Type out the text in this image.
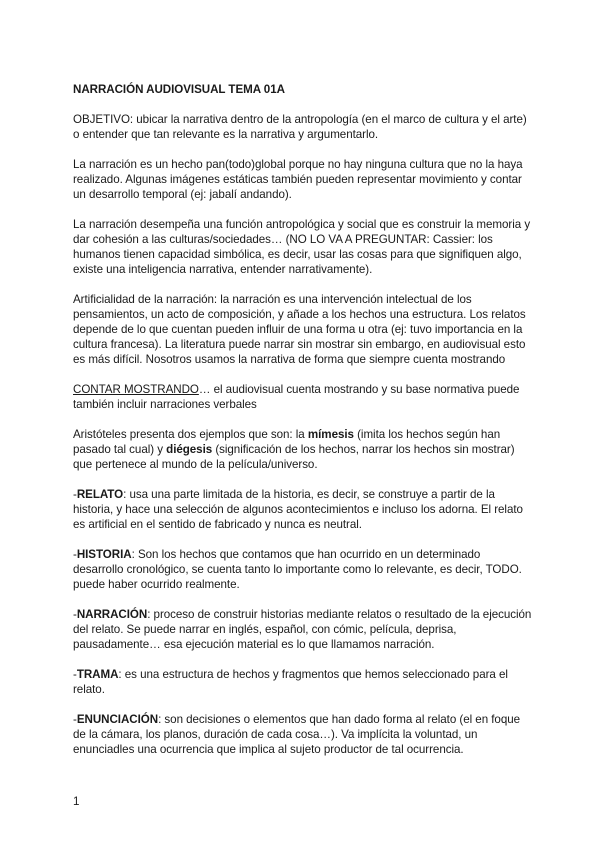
NARRACIÓN AUDIOVISUAL TEMA 01A

OBJETIVO: ubicar la narrativa dentro de la antropología (en el marco de cultura y el arte) o entender que tan relevante es la narrativa y argumentarlo.

La narración es un hecho pan(todo)global porque no hay ninguna cultura que no la haya realizado. Algunas imágenes estáticas también pueden representar movimiento y contar un desarrollo temporal (ej: jabalí andando).

La narración desempeña una función antropológica y social que es construir la memoria y dar cohesión a las culturas/sociedades… (NO LO VA A PREGUNTAR: Cassier: los humanos tienen capacidad simbólica, es decir, usar las cosas para que signifiquen algo, existe una inteligencia narrativa, entender narrativamente).

Artificialidad de la narración: la narración es una intervención intelectual de los pensamientos, un acto de composición, y añade a los hechos una estructura. Los relatos depende de lo que cuentan pueden influir de una forma u otra (ej: tuvo importancia en la cultura francesa). La literatura puede narrar sin mostrar sin embargo, en audiovisual esto es más difícil. Nosotros usamos la narrativa de forma que siempre cuenta mostrando

CONTAR MOSTRANDO… el audiovisual cuenta mostrando y su base normativa puede también incluir narraciones verbales

Aristóteles presenta dos ejemplos que son: la mímesis (imita los hechos según han pasado tal cual) y diégesis (significación de los hechos, narrar los hechos sin mostrar) que pertenece al mundo de la película/universo.

-RELATO: usa una parte limitada de la historia, es decir, se construye a partir de la historia, y hace una selección de algunos acontecimientos e incluso los adorna. El relato es artificial en el sentido de fabricado y nunca es neutral.

-HISTORIA: Son los hechos que contamos que han ocurrido en un determinado desarrollo cronológico, se cuenta tanto lo importante como lo relevante, es decir, TODO. puede haber ocurrido realmente.

-NARRACIÓN: proceso de construir historias mediante relatos o resultado de la ejecución del relato. Se puede narrar en inglés, español, con cómic, película, deprisa, pausadamente… esa ejecución material es lo que llamamos narración.

-TRAMA: es una estructura de hechos y fragmentos que hemos seleccionado para el relato.

-ENUNCIACIÓN: son decisiones o elementos que han dado forma al relato (el en foque de la cámara, los planos, duración de cada cosa…). Va implícita la voluntad, un enunciadles una ocurrencia que implica al sujeto productor de tal ocurrencia.

1
